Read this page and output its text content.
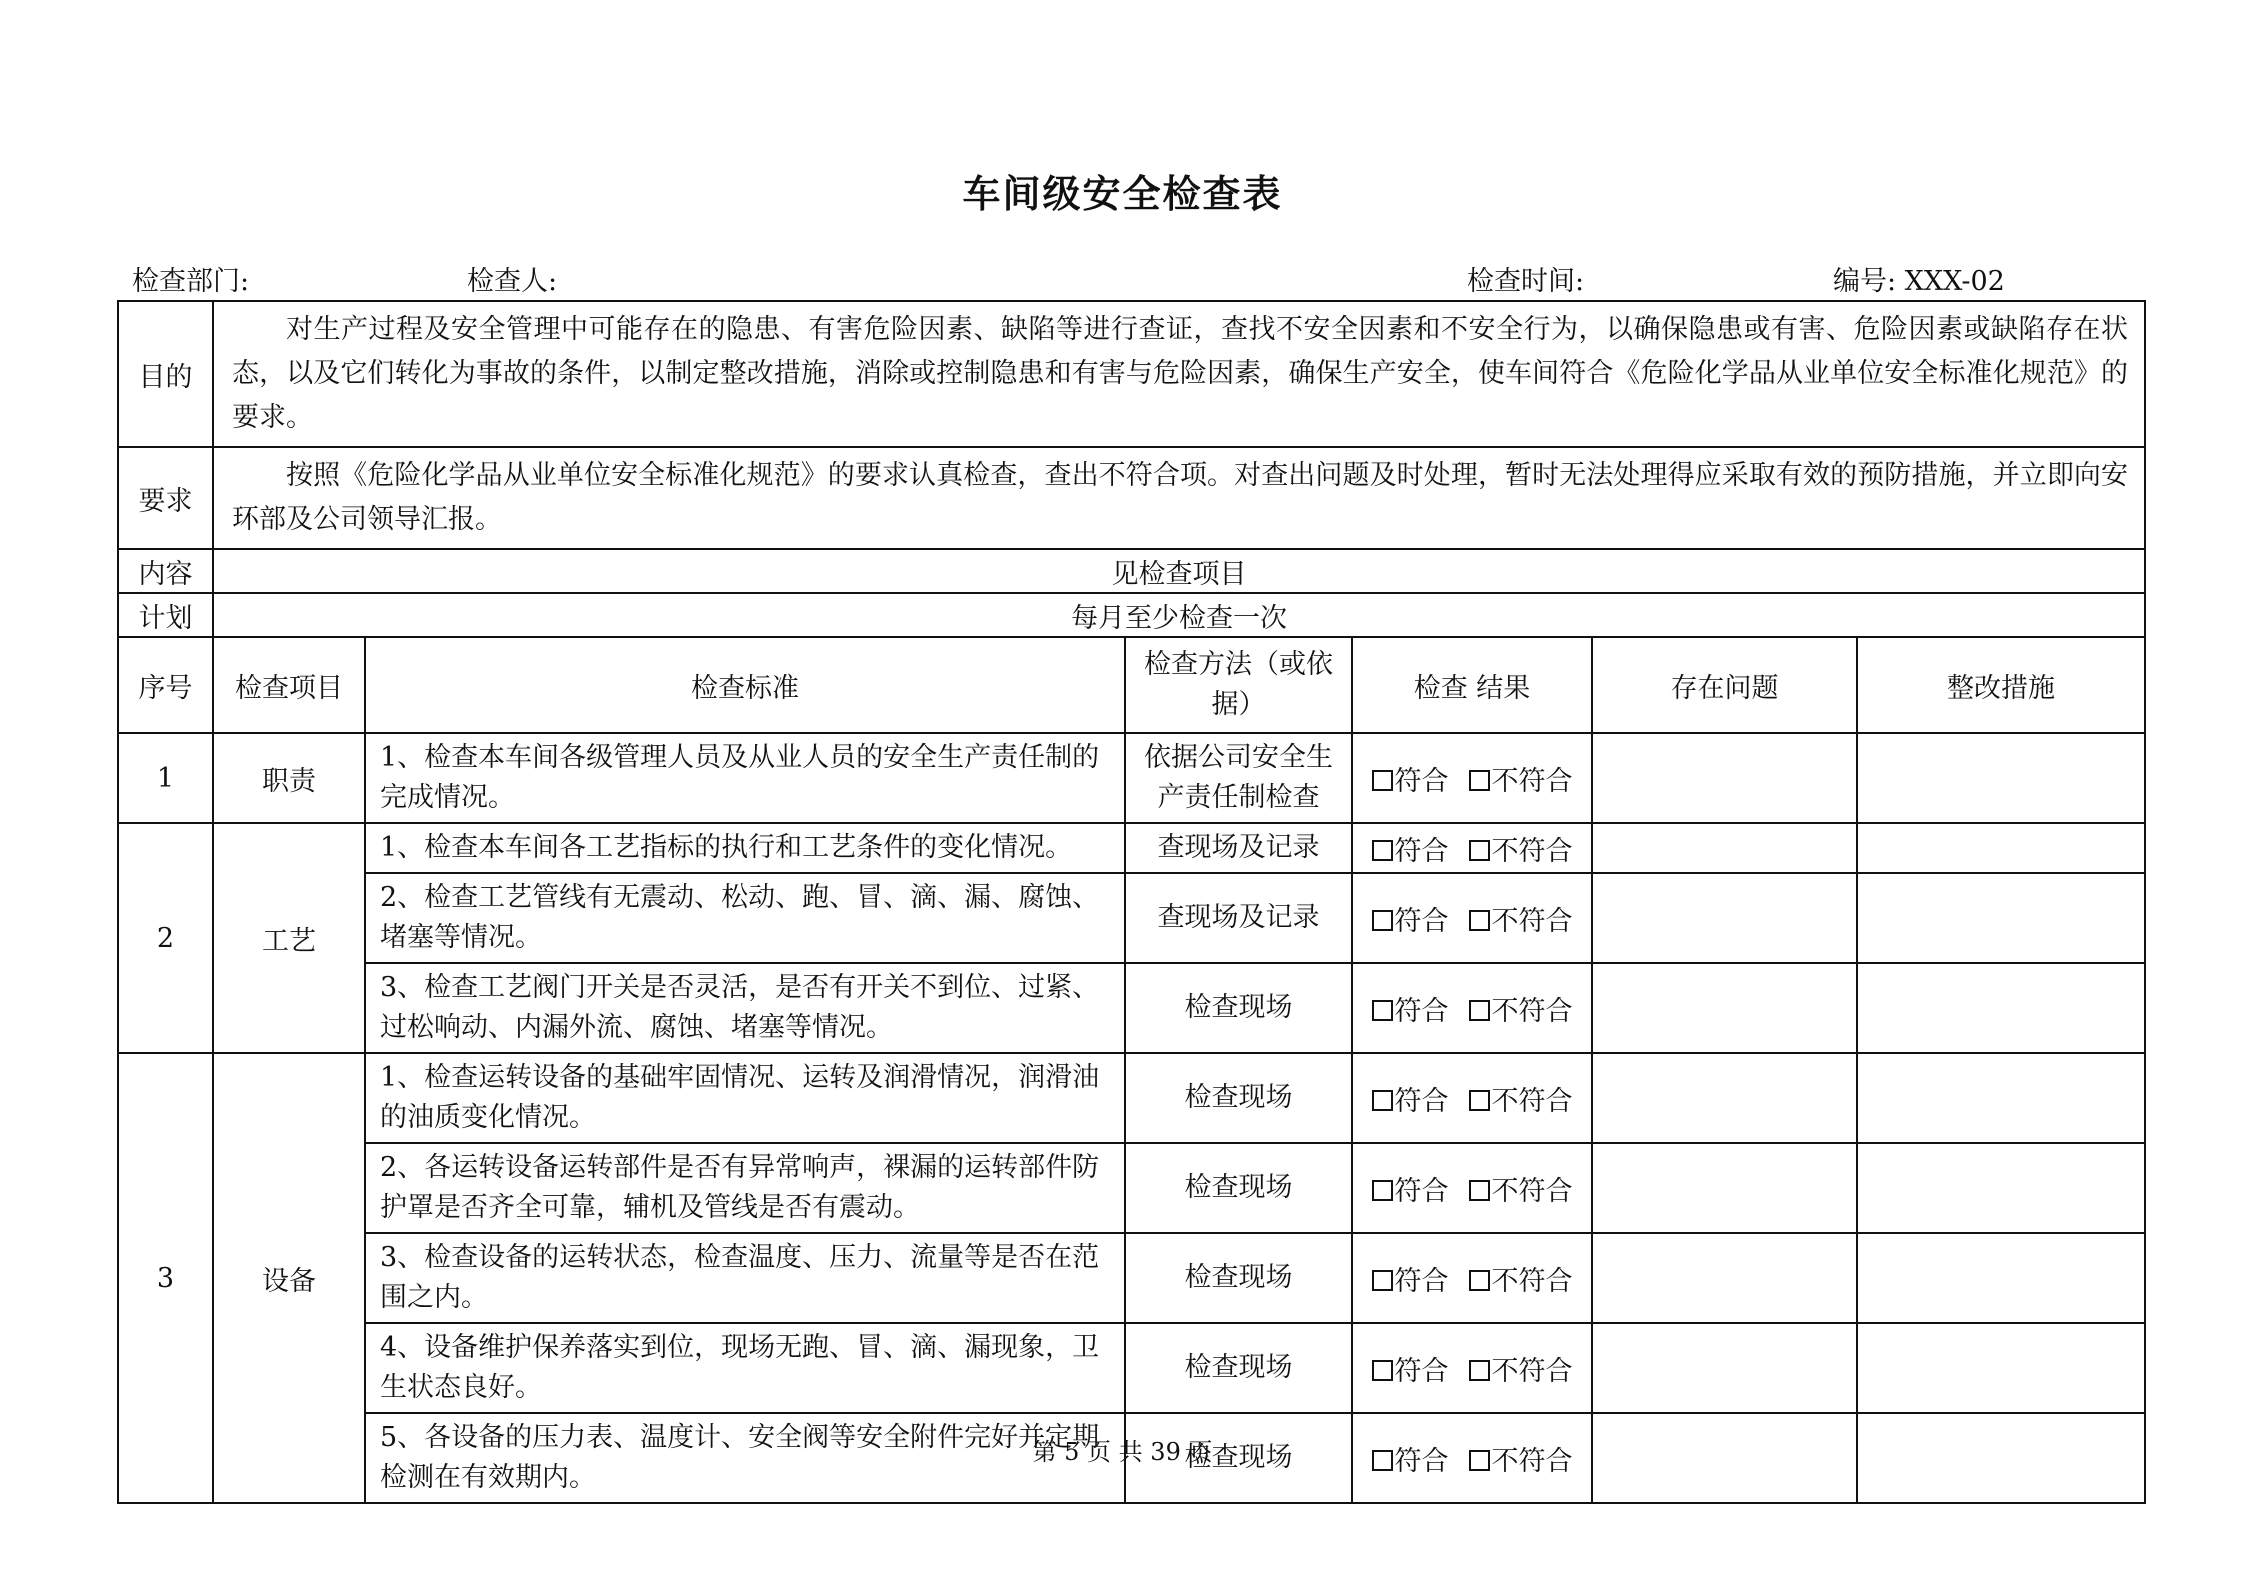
车间级安全检查表
检查部门:	检查人:	检查时间:	编号: XXX-02
目的	对生产过程及安全管理中可能存在的隐患、有害危险因素、缺陷等进行查证，查找不安全因素和不安全行为，以确保隐患或有害、危险因素或缺陷存在状态，以及它们转化为事故的条件，以制定整改措施，消除或控制隐患和有害与危险因素，确保生产安全，使车间符合《危险化学品从业单位安全标准化规范》的要求。					
要求	按照《危险化学品从业单位安全标准化规范》的要求认真检查，查出不符合项。对查出问题及时处理，暂时无法处理得应采取有效的预防措施，并立即向安环部及公司领导汇报。					
内容	见检查项目					
计划	每月至少检查一次					
序号	检查项目	检查标准	检查方法（或依据）	检查 结果	存在问题	整改措施
1	职责	1、检查本车间各级管理人员及从业人员的安全生产责任制的完成情况。	依据公司安全生产责任制检查	符合 不符合		
2	工艺	1、检查本车间各工艺指标的执行和工艺条件的变化情况。	查现场及记录	符合 不符合		
		2、检查工艺管线有无震动、松动、跑、冒、滴、漏、腐蚀、堵塞等情况。	查现场及记录	符合 不符合		
		3、检查工艺阀门开关是否灵活，是否有开关不到位、过紧、过松响动、内漏外流、腐蚀、堵塞等情况。	检查现场	符合 不符合		
3	设备	1、检查运转设备的基础牢固情况、运转及润滑情况，润滑油的油质变化情况。	检查现场	符合 不符合		
		2、各运转设备运转部件是否有异常响声，裸漏的运转部件防护罩是否齐全可靠，辅机及管线是否有震动。	检查现场	符合 不符合		
		3、检查设备的运转状态，检查温度、压力、流量等是否在范围之内。	检查现场	符合 不符合		
		4、设备维护保养落实到位，现场无跑、冒、滴、漏现象，卫生状态良好。	检查现场	符合 不符合		
		5、各设备的压力表、温度计、安全阀等安全附件完好并定期检测在有效期内。	检查现场	符合 不符合		
第 5 页 共 39 页
